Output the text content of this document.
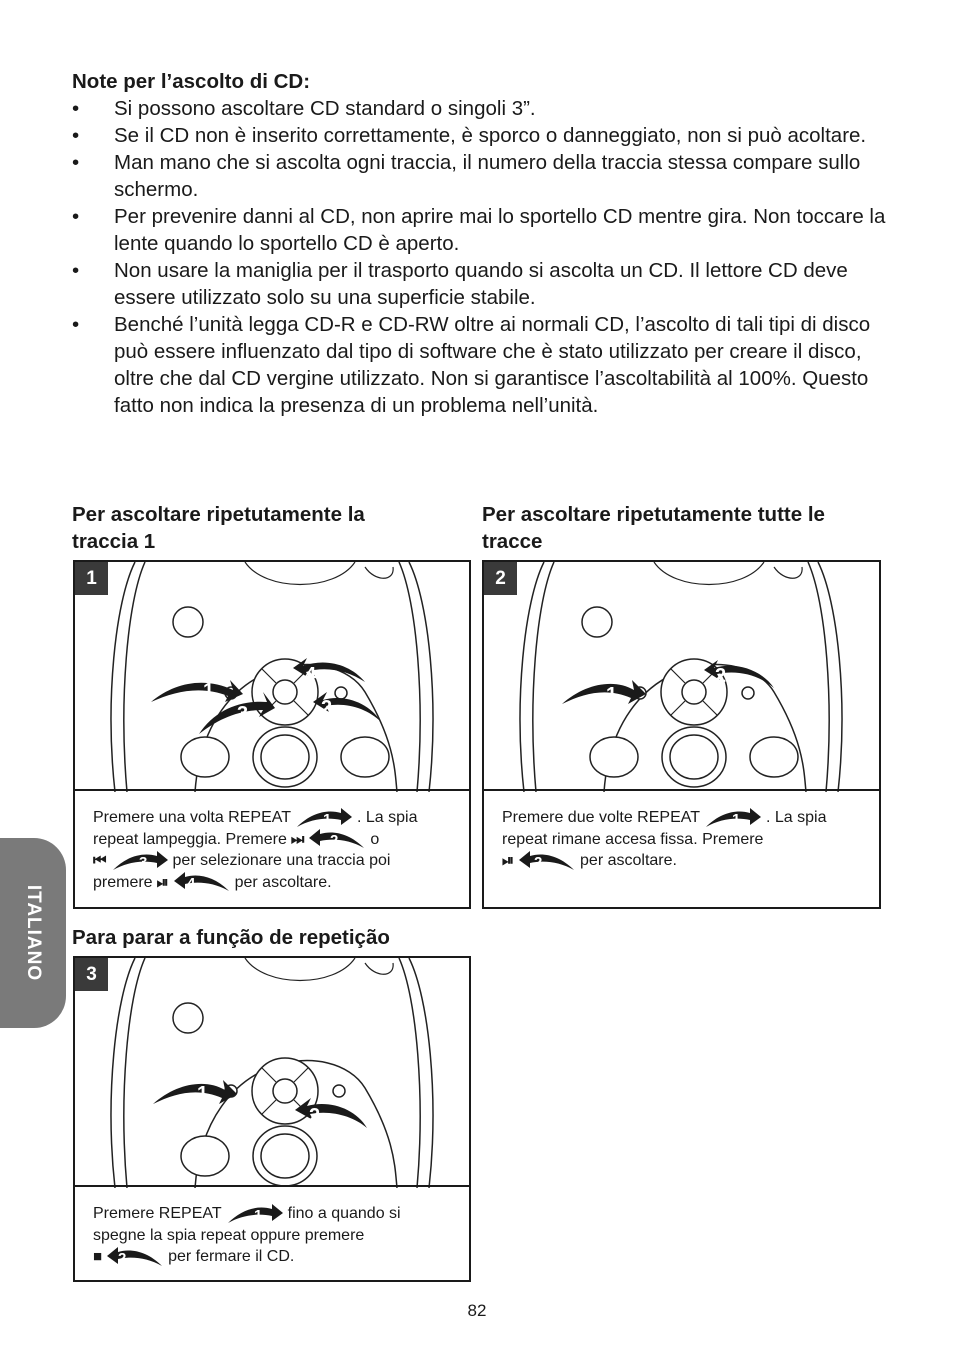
Note per l’ascolto di CD:
• Si possono ascoltare CD standard o singoli 3”.
• Se il CD non è inserito correttamente, è sporco o danneggiato, non si può acoltare.
• Man mano che si ascolta ogni traccia, il numero della traccia stessa compare sullo schermo.
• Per prevenire danni al CD, non aprire mai lo sportello CD mentre gira. Non toccare la lente quando lo sportello CD è aperto.
• Non usare la maniglia per il trasporto quando si ascolta un CD. Il lettore CD deve essere utilizzato solo su una superficie stabile.
• Benché l’unità legga CD-R e CD-RW oltre ai normali CD, l’ascolto di tali tipi di disco può essere influenzato dal tipo di software che è stato utilizzato per creare il disco, oltre che dal CD vergine utilizzato. Non si garantisce l’ascoltabilità al 100%. Questo fatto non indica la presenza di un problema nell’unità.
Per ascoltare ripetutamente la
traccia 1
Per ascoltare ripetutamente tutte le
tracce
1
3
4
2
1
Premere una volta REPEAT 1 . La spia
repeat lampeggia. Premere ⏭ 2 o
⏮ 3 per selezionare una traccia poi
premere ⏯ 4 per ascoltare.
1
2
2
Premere due volte REPEAT 1 . La spia
repeat rimane accesa fissa. Premere
⏯ 2 per ascoltare.
Para parar a função de repetição
1
2
3
Premere REPEAT 1 fino a quando si
spegne la spia repeat oppure premere
■ 2	per fermare il CD.
ITALIANO
82
